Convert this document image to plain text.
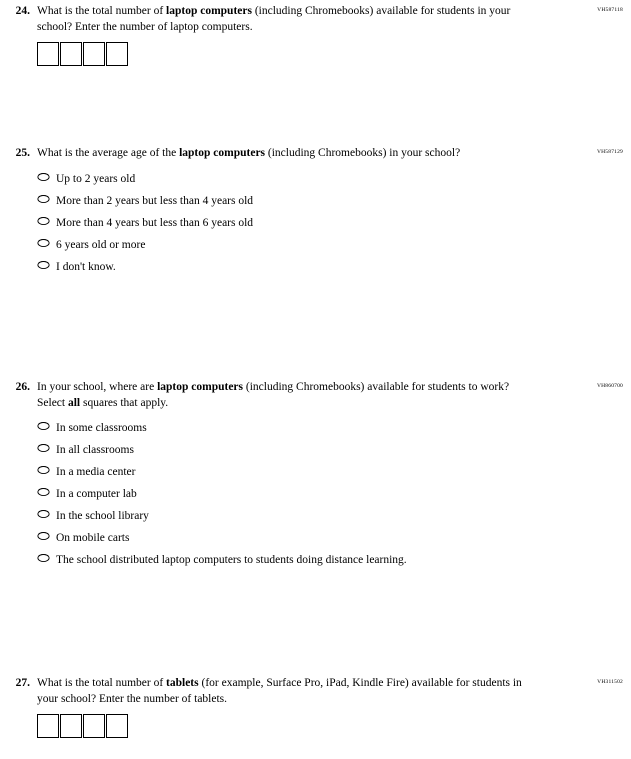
VH587118
24. What is the total number of laptop computers (including Chromebooks) available for students in your school? Enter the number of laptop computers.
VH587129
25. What is the average age of the laptop computers (including Chromebooks) in your school?
Up to 2 years old
More than 2 years but less than 4 years old
More than 4 years but less than 6 years old
6 years old or more
I don't know.
VH860700
26. In your school, where are laptop computers (including Chromebooks) available for students to work? Select all squares that apply.
In some classrooms
In all classrooms
In a media center
In a computer lab
In the school library
On mobile carts
The school distributed laptop computers to students doing distance learning.
VH311502
27. What is the total number of tablets (for example, Surface Pro, iPad, Kindle Fire) available for students in your school? Enter the number of tablets.
